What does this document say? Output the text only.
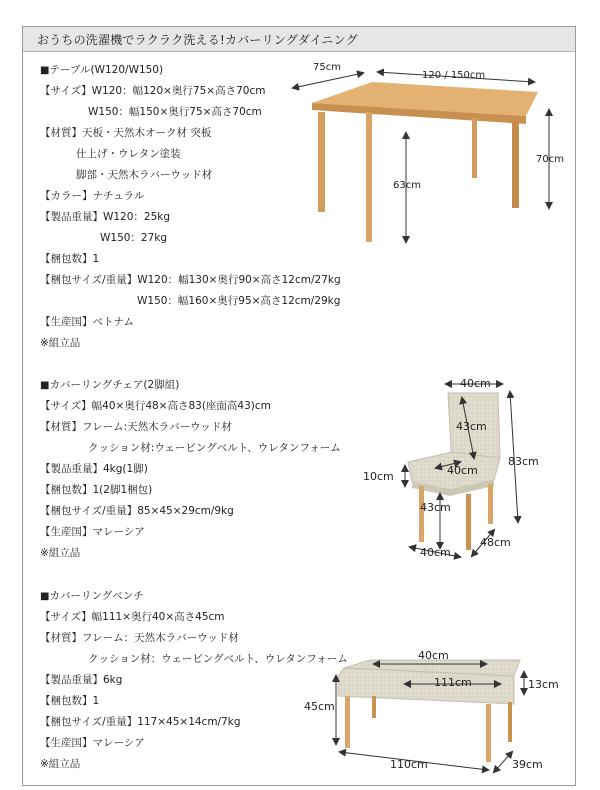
おうちの洗濯機でラクラク洗える!カバーリングダイニング
■ テーブル(W120/W150)
【サイズ】W120：幅120×奥行75×高さ70cm
W150：幅150×奥行75×高さ70cm
【材質】天板・天然木オーク材 突板
仕上げ・ウレタン塗装
脚部・天然木ラバーウッド材
【カラー】ナチュラル
【製品重量】W120：25kg
W150：27kg
【梱包数】1
【梱包サイズ/重量】W120：幅130×奥行90×高さ12cm/27kg
W150：幅160×奥行95×高さ12cm/29kg
【生産国】ベトナム
※組立品
■ カバーリングチェア(2脚組)
【サイズ】幅40×奥行48×高さ83(座面高43)cm
【材質】フレーム:天然木ラバーウッド材
クッション材:ウェービングベルト、ウレタンフォーム
【製品重量】4kg(1脚)
【梱包数】1(2脚1梱包)
【梱包サイズ/重量】85×45×29cm/9kg
【生産国】マレーシア
※組立品
■ カバーリングベンチ
【サイズ】幅111×奥行40×高さ45cm
【材質】フレーム：天然木ラバーウッド材
クッション材：ウェービングベルト、ウレタンフォーム
【製品重量】6kg
【梱包数】1
【梱包サイズ/重量】117×45×14cm/7kg
【生産国】マレーシア
※組立品
75cm
120 / 150cm
70cm
63cm
40cm
43cm
83cm
10cm	40cm
43cm
48cm
40cm
40cm
111cm	13cm
45cm
110cm	39cm
